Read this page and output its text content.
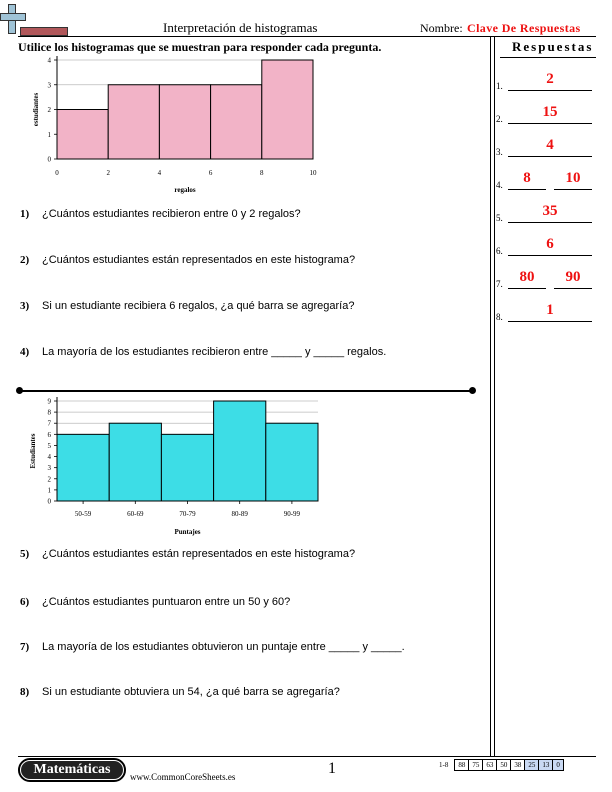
Interpretación de histogramas	Nombre: Clave De Respuestas
Utilice los histogramas que se muestran para responder cada pregunta.	Respuestas
1.	2
2.	15
3.	4
4.	8	10
5.	35
6.	6
7.	80	90
8.	1
0
1
2
3
4
0	2	4	6	8	10
regalos
estudiantes
0
1
2
3
4
5
6
7
8
9
50-59	60-69	70-79	80-89	90-99
Puntajes
Estudiantes
1) ¿Cuántos estudiantes recibieron entre 0 y 2 regalos?
2) ¿Cuántos estudiantes están representados en este histograma?
3) Si un estudiante recibiera 6 regalos, ¿a qué barra se agregaría?
4) La mayoría de los estudiantes recibieron entre _____ y _____ regalos.
5) ¿Cuántos estudiantes están representados en este histograma?
6) ¿Cuántos estudiantes puntuaron entre un 50 y 60?
7) La mayoría de los estudiantes obtuvieron un puntaje entre _____ y _____.
8) Si un estudiante obtuviera un 54, ¿a qué barra se agregaría?
Matemáticas	www.CommonCoreSheets.es	1	1-8	88	75	63	50	38	25	13	0
